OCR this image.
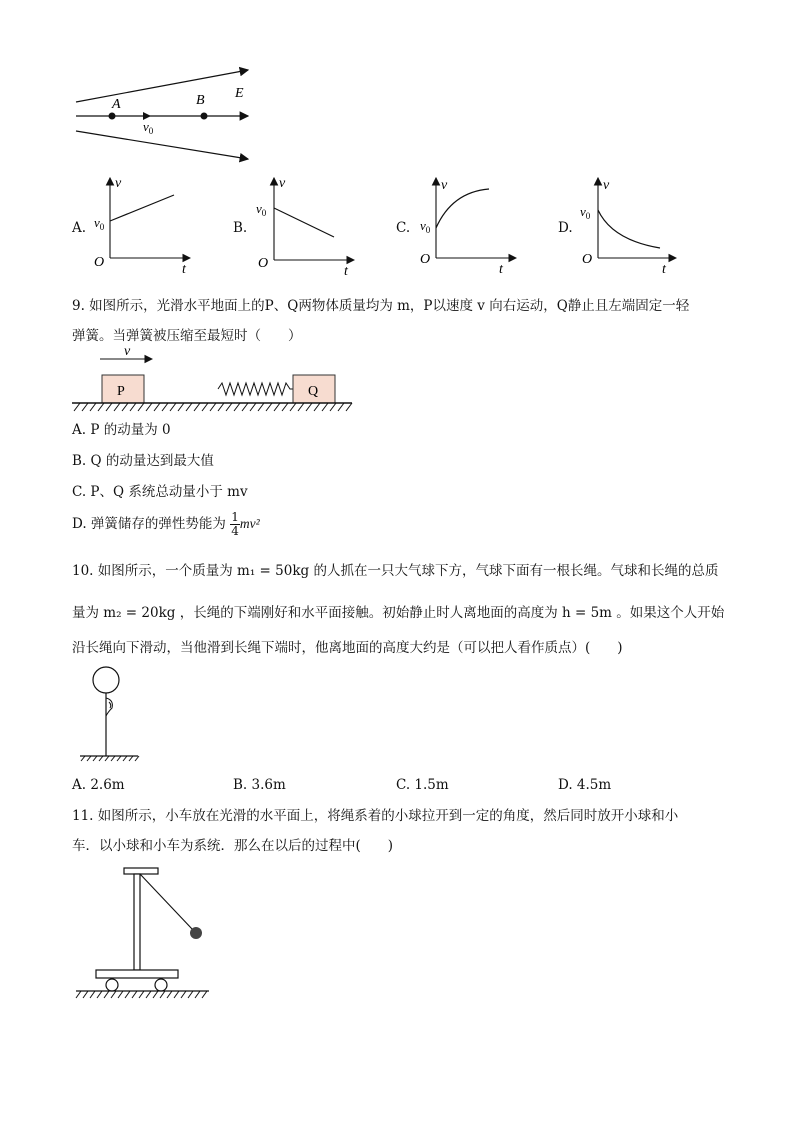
A	B E
$v_0$
A.
v
t
O
$v_0$	B.
v
t
O
$v_0$
C.
v
t
O
$v_0$	D.
v
t
O
$v_0$
9. 如图所示，光滑水平地面上的P、Q两物体质量均为 m，P以速度 v 向右运动，Q静止且左端固定一轻
弹簧。当弹簧被压缩至最短时（　　）
v
P	Q
A. P 的动量为 0
B. Q 的动量达到最大值
C. P、Q 系统总动量小于 mv
D. 弹簧储存的弹性势能为 $\frac{1}{4} mv^2$
10. 如图所示，一个质量为 m₁ = 50kg 的人抓在一只大气球下方，气球下面有一根长绳。气球和长绳的总质
量为 m₂ = 20kg ，长绳的下端刚好和水平面接触。初始静止时人离地面的高度为 h = 5m 。如果这个人开始
沿长绳向下滑动，当他滑到长绳下端时，他离地面的高度大约是（可以把人看作质点）(　　)
A. 2.6m	B. 3.6m	C. 1.5m	D. 4.5m
11. 如图所示，小车放在光滑的水平面上，将绳系着的小球拉开到一定的角度，然后同时放开小球和小
车．以小球和小车为系统．那么在以后的过程中(　　)
